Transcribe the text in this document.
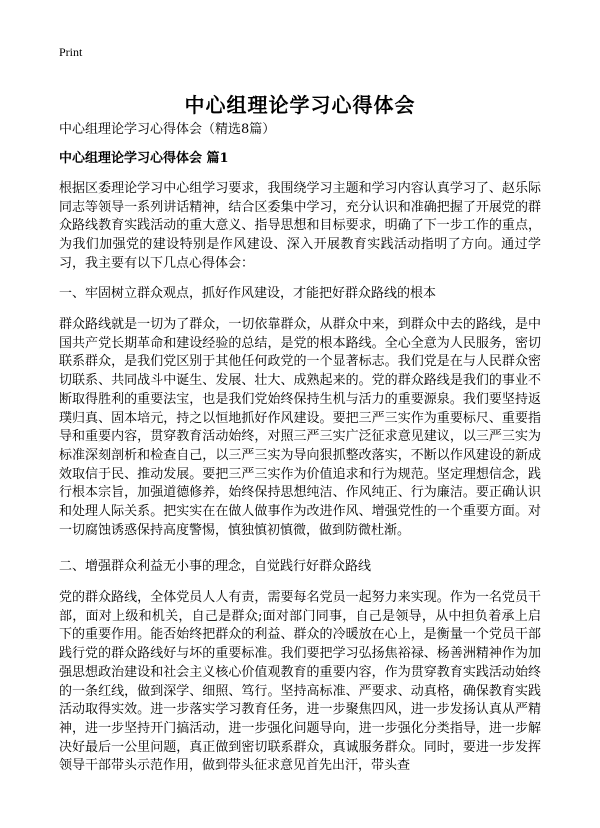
Print
中心组理论学习心得体会
中心组理论学习心得体会（精选8篇）
中心组理论学习心得体会 篇1

根据区委理论学习中心组学习要求，我围绕学习主题和学习内容认真学习了、赵乐际同志等领导一系列讲话精神，结合区委集中学习，充分认识和准确把握了开展党的群众路线教育实践活动的重大意义、指导思想和目标要求，明确了下一步工作的重点，为我们加强党的建设特别是作风建设、深入开展教育实践活动指明了方向。通过学习，我主要有以下几点心得体会：

一、牢固树立群众观点，抓好作风建设，才能把好群众路线的根本

群众路线就是一切为了群众，一切依靠群众，从群众中来，到群众中去的路线，是中国共产党长期革命和建设经验的总结，是党的根本路线。全心全意为人民服务，密切联系群众，是我们党区别于其他任何政党的一个显著标志。我们党是在与人民群众密切联系、共同战斗中诞生、发展、壮大、成熟起来的。党的群众路线是我们的事业不断取得胜利的重要法宝，也是我们党始终保持生机与活力的重要源泉。我们要坚持返璞归真、固本培元，持之以恒地抓好作风建设。要把三严三实作为重要标尺、重要指导和重要内容，贯穿教育活动始终，对照三严三实广泛征求意见建议，以三严三实为标准深刻剖析和检查自己，以三严三实为导向狠抓整改落实，不断以作风建设的新成效取信于民、推动发展。要把三严三实作为价值追求和行为规范。坚定理想信念，践行根本宗旨，加强道德修养，始终保持思想纯洁、作风纯正、行为廉洁。要正确认识和处理人际关系。把实实在在做人做事作为改进作风、增强党性的一个重要方面。对一切腐蚀诱惑保持高度警惕，慎独慎初慎微，做到防微杜渐。

二、增强群众利益无小事的理念，自觉践行好群众路线

党的群众路线，全体党员人人有责，需要每名党员一起努力来实现。作为一名党员干部，面对上级和机关，自己是群众;面对部门同事，自己是领导，从中担负着承上启下的重要作用。能否始终把群众的利益、群众的冷暖放在心上，是衡量一个党员干部践行党的群众路线好与坏的重要标准。我们要把学习弘扬焦裕禄、杨善洲精神作为加强思想政治建设和社会主义核心价值观教育的重要内容，作为贯穿教育实践活动始终的一条红线，做到深学、细照、笃行。坚持高标准、严要求、动真格，确保教育实践活动取得实效。进一步落实学习教育任务，进一步聚焦四风，进一步发扬认真从严精神，进一步坚持开门搞活动，进一步强化问题导向，进一步强化分类指导，进一步解决好最后一公里问题，真正做到密切联系群众，真诚服务群众。同时，要进一步发挥领导干部带头示范作用，做到带头征求意见首先出汗，带头查
